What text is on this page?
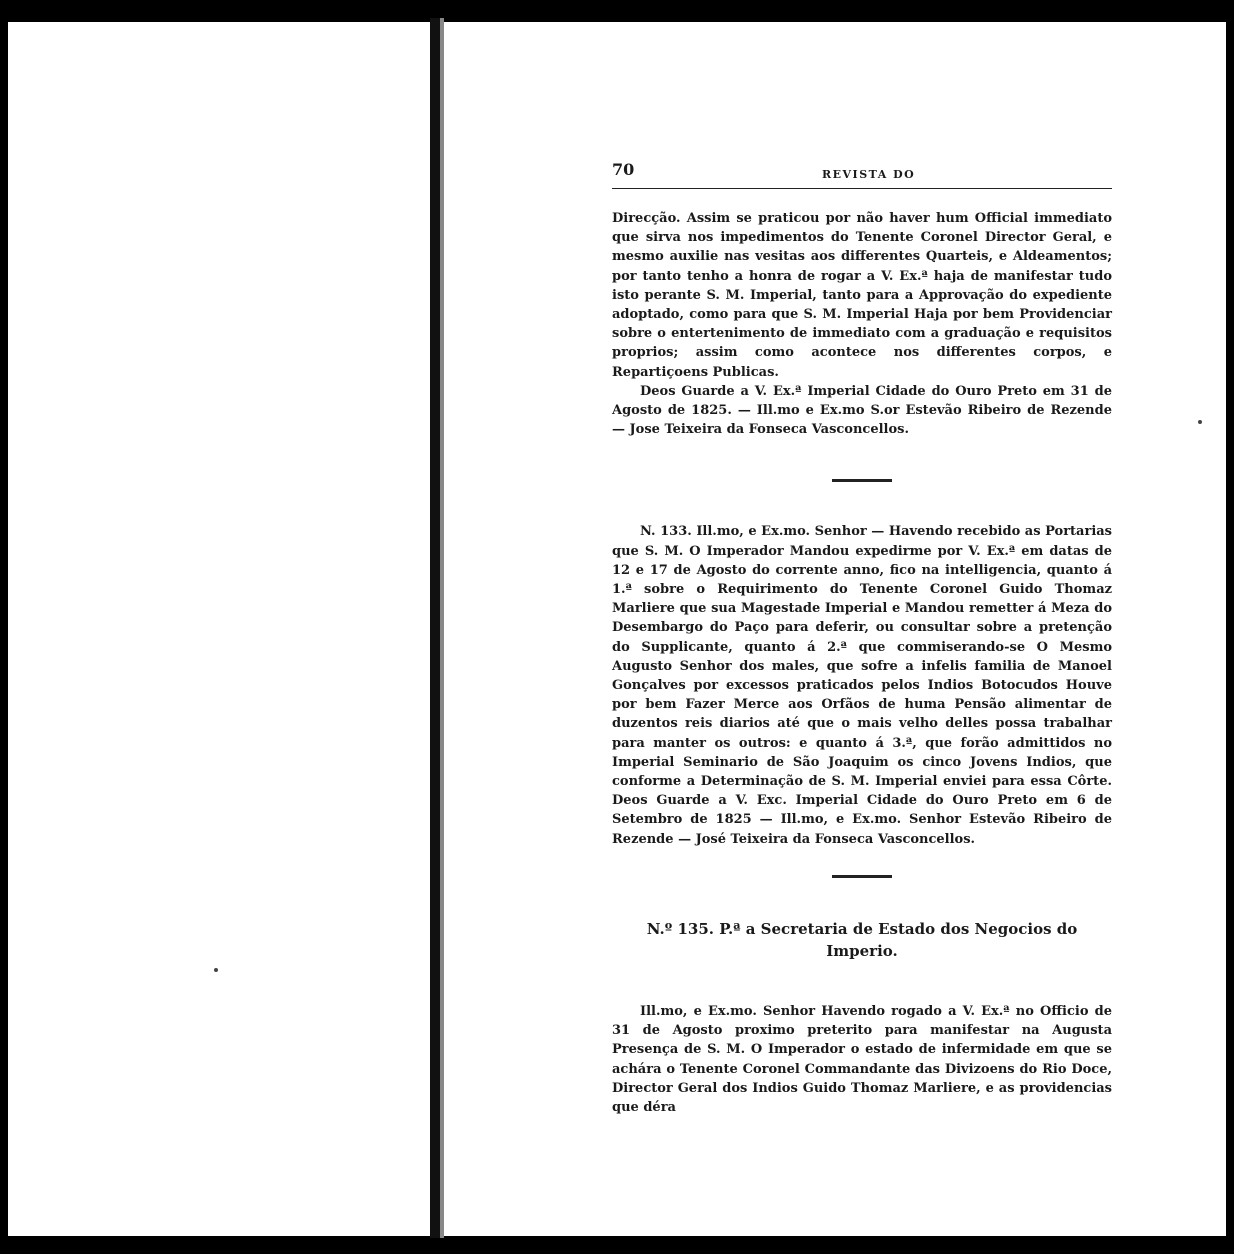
70	REVISTA DO

Direcção. Assim se praticou por não haver hum Official immediato que sirva nos impedimentos do Tenente Coronel Director Geral, e mesmo auxilie nas vesitas aos differentes Quarteis, e Aldeamentos; por tanto tenho a honra de rogar a V. Ex.ª haja de manifestar tudo isto perante S. M. Imperial, tanto para a Approvação do expediente adoptado, como para que S. M. Imperial Haja por bem Providenciar sobre o entertenimento de immediato com a graduação e requisitos proprios; assim como acontece nos differentes corpos, e Repartiçoens Publicas.

Deos Guarde a V. Ex.ª Imperial Cidade do Ouro Preto em 31 de Agosto de 1825. — Ill.mo e Ex.mo S.or Estevão Ribeiro de Rezende — Jose Teixeira da Fonseca Vasconcellos.

N. 133. Ill.mo, e Ex.mo. Senhor — Havendo recebido as Portarias que S. M. O Imperador Mandou expedirme por V. Ex.ª em datas de 12 e 17 de Agosto do corrente anno, fico na intelligencia, quanto á 1.ª sobre o Requirimento do Tenente Coronel Guido Thomaz Marliere que sua Magestade Imperial e Mandou remetter á Meza do Desembargo do Paço para deferir, ou consultar sobre a pretenção do Supplicante, quanto á 2.ª que commiserando-se O Mesmo Augusto Senhor dos males, que sofre a infelis familia de Manoel Gonçalves por excessos praticados pelos Indios Botocudos Houve por bem Fazer Merce aos Orfãos de huma Pensão alimentar de duzentos reis diarios até que o mais velho delles possa trabalhar para manter os outros: e quanto á 3.ª, que forão admittidos no Imperial Seminario de São Joaquim os cinco Jovens Indios, que conforme a Determinação de S. M. Imperial enviei para essa Côrte. Deos Guarde a V. Exc. Imperial Cidade do Ouro Preto em 6 de Setembro de 1825 — Ill.mo, e Ex.mo. Senhor Estevão Ribeiro de Rezende — José Teixeira da Fonseca Vasconcellos.

N.º 135. P.ª a Secretaria de Estado dos Negocios do Imperio.

Ill.mo, e Ex.mo. Senhor Havendo rogado a V. Ex.ª no Officio de 31 de Agosto proximo preterito para manifestar na Augusta Presença de S. M. O Imperador o estado de infermidade em que se achára o Tenente Coronel Commandante das Divizoens do Rio Doce, Director Geral dos Indios Guido Thomaz Marliere, e as providencias que déra
